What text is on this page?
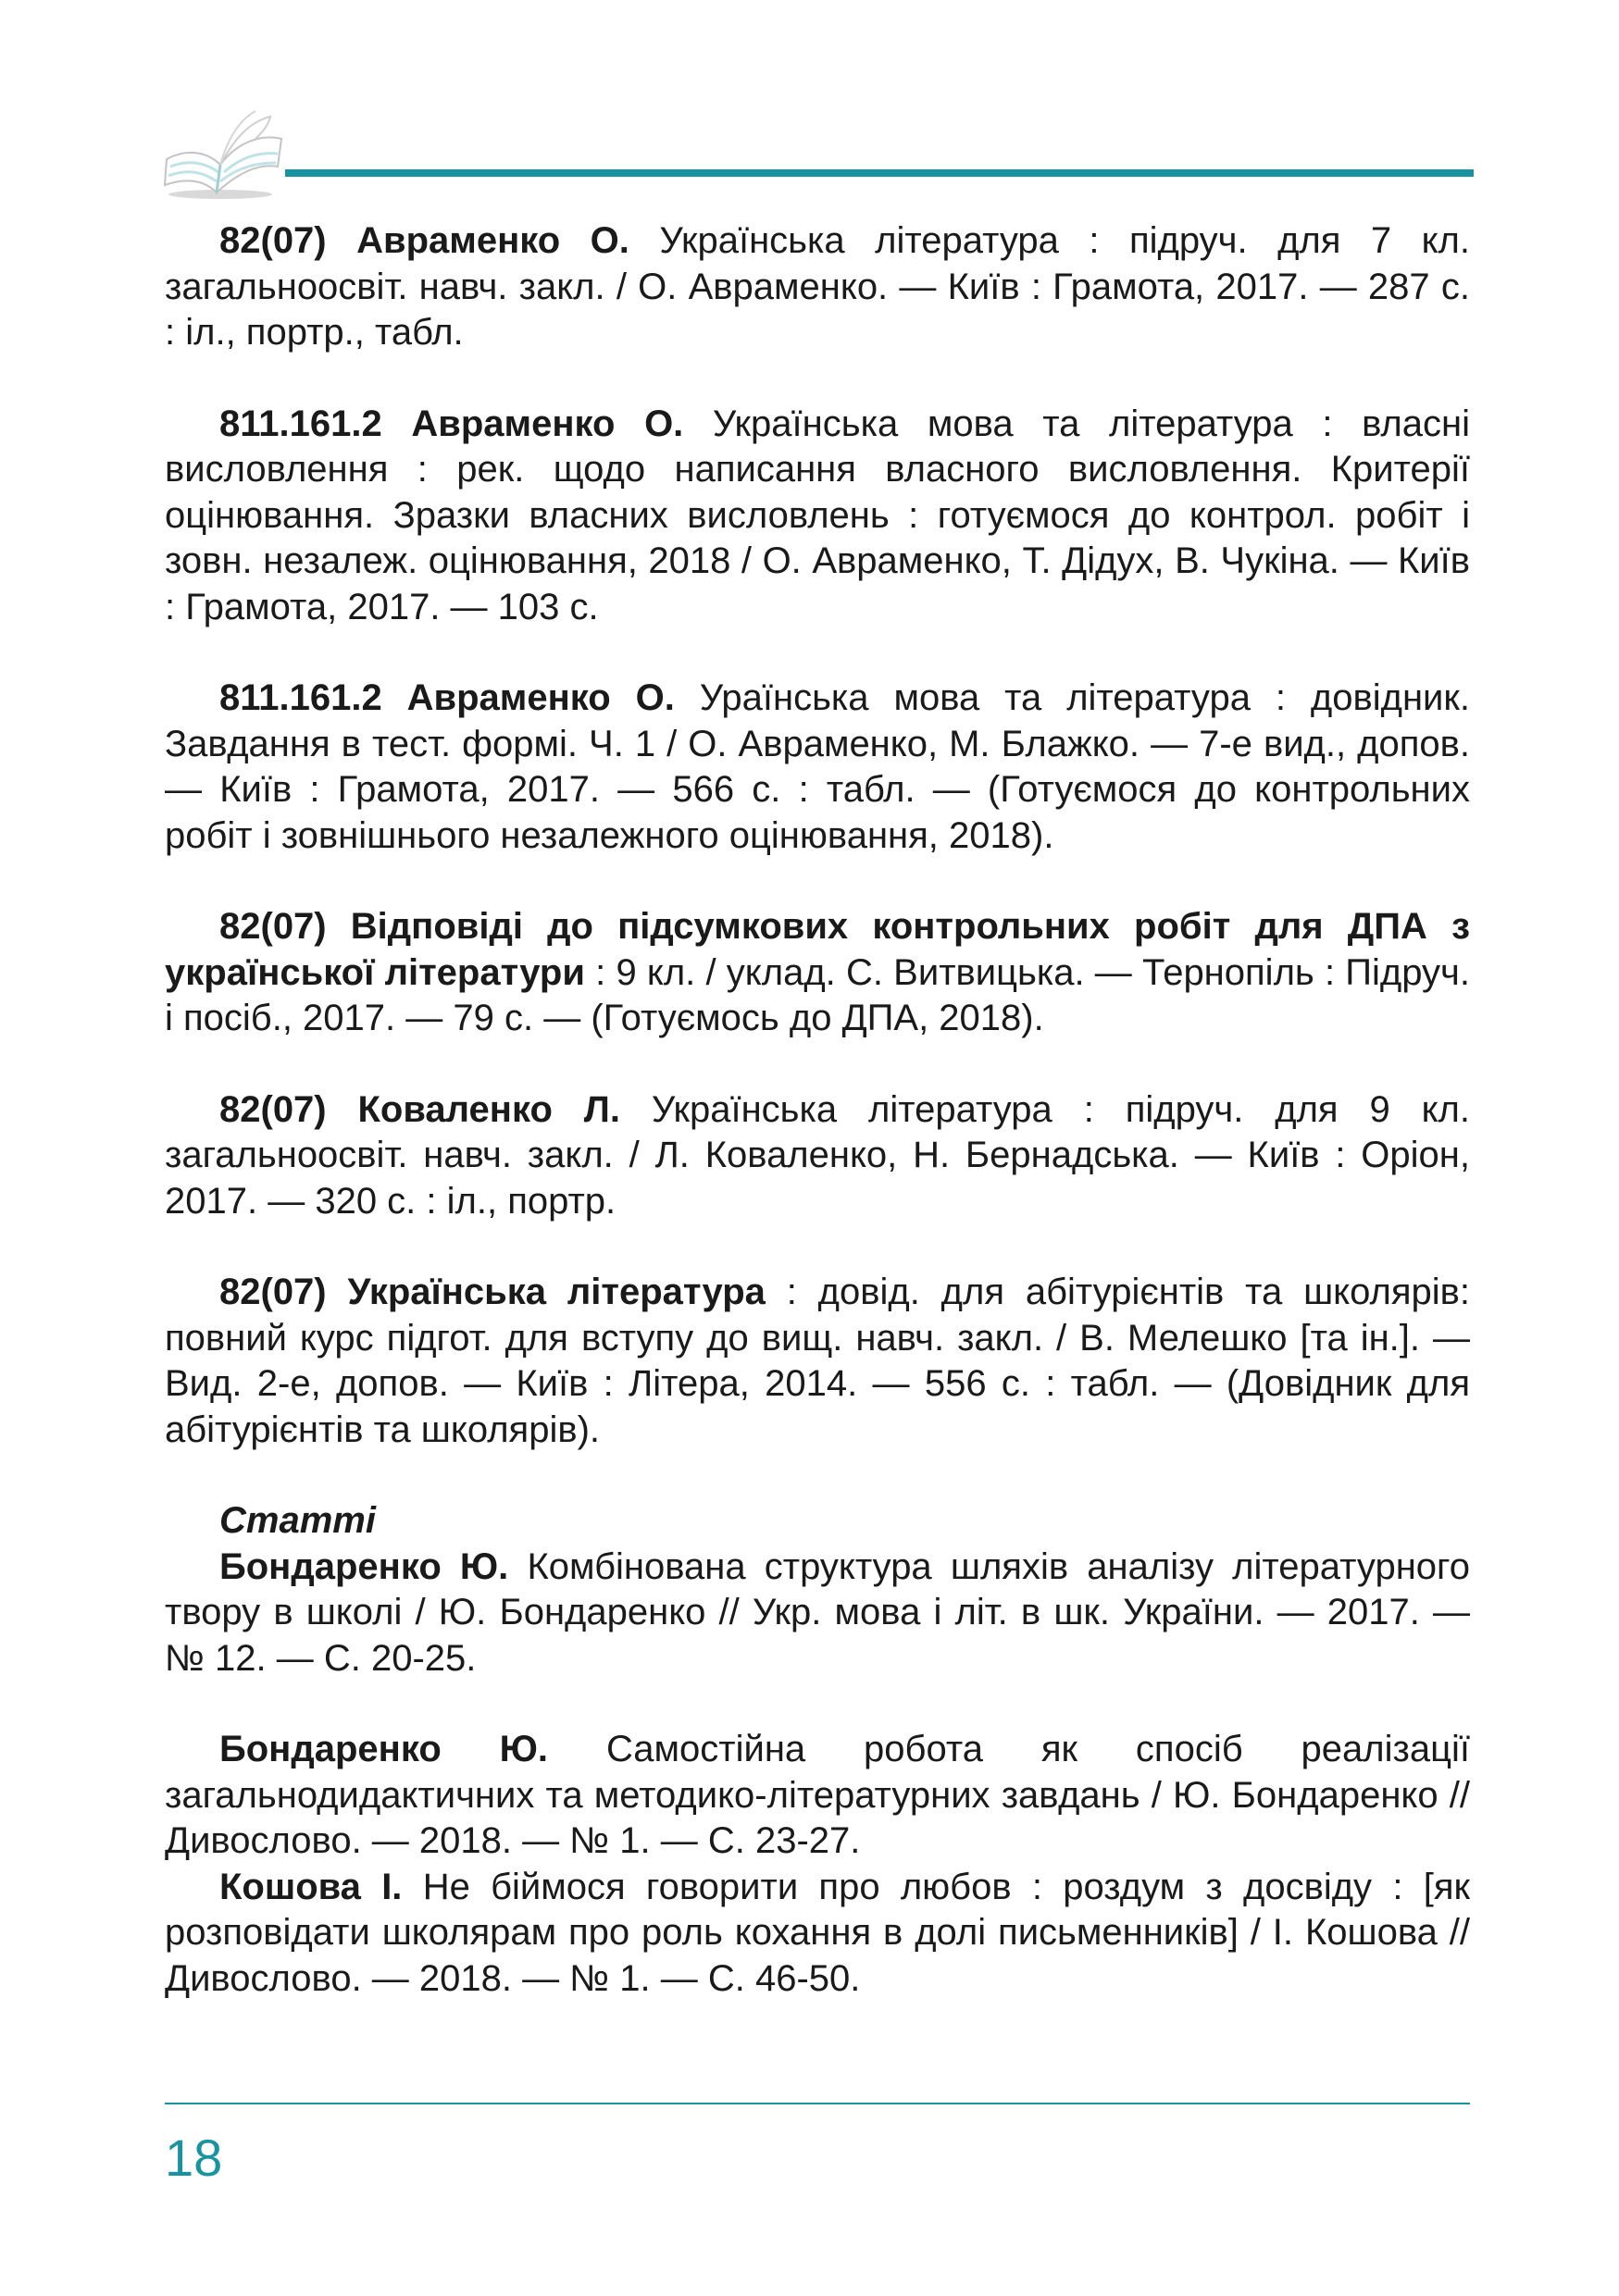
82(07) Авраменко О. Українська література : підруч. для 7 кл. загальноосвіт. навч. закл. / О. Авраменко. — Київ : Грамота, 2017. — 287 с. : іл., портр., табл.

811.161.2 Авраменко О. Українська мова та література : власні висловлення : рек. щодо написання власного висловлення. Критерії оцінювання. Зразки власних висловлень : готуємося до контрол. робіт і зовн. незалеж. оцінювання, 2018 / О. Авраменко, Т. Дідух, В. Чукіна. — Київ : Грамота, 2017. — 103 с.

811.161.2 Авраменко О. Ураїнська мова та література : довідник. Завдання в тест. формі. Ч. 1 / О. Авраменко, М. Блажко. — 7-е вид., допов. — Київ : Грамота, 2017. — 566 с. : табл. — (Готуємося до контрольних робіт і зовнішнього незалежного оцінювання, 2018).

82(07) Відповіді до підсумкових контрольних робіт для ДПА з української літератури : 9 кл. / уклад. С. Витвицька. — Тернопіль : Підруч. і посіб., 2017. — 79 с. — (Готуємось до ДПА, 2018).

82(07) Коваленко Л. Українська література : підруч. для 9 кл. загальноосвіт. навч. закл. / Л. Коваленко, Н. Бернадська. — Київ : Оріон, 2017. — 320 с. : іл., портр.

82(07) Українська література : довід. для абітурієнтів та школярів: повний курс підгот. для вступу до вищ. навч. закл. / В. Мелешко [та ін.]. — Вид. 2-е, допов. — Київ : Літера, 2014. — 556 с. : табл. — (Довідник для абітурієнтів та школярів).

Статті

Бондаренко Ю. Комбінована структура шляхів аналізу літературного твору в школі / Ю. Бондаренко // Укр. мова і літ. в шк. України. — 2017. — № 12. — С. 20-25.

Бондаренко Ю. Самостійна робота як спосіб реалізації загальнодидактичних та методико-літературних завдань / Ю. Бондаренко // Дивослово. — 2018. — № 1. — С. 23-27.

Кошова І. Не біймося говорити про любов : роздум з досвіду : [як розповідати школярам про роль кохання в долі письменників] / І. Кошова // Дивослово. — 2018. — № 1. — С. 46-50.

18
